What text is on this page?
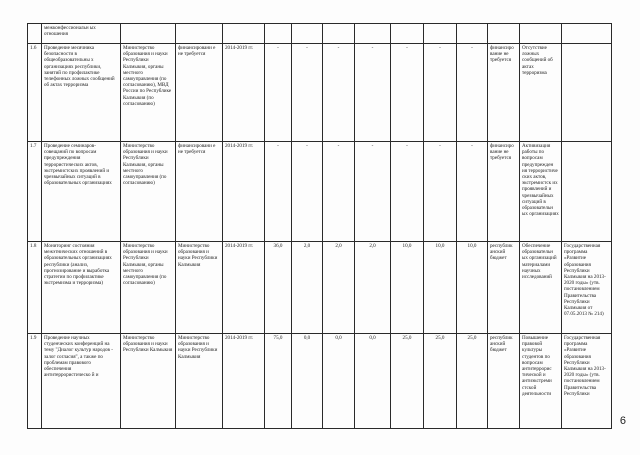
	межконфессиональн ых отношения													
1.6	Проведение месячника безопасности в общеобразовательны х организациях республики, занятий по профилактике телефонных ложных сообщений об актах терроризма	Министерство образования и науки Республики Калмыкия, органы местного самоуправления (по согласованию), МВД России по Республике Калмыкия (по согласованию)	финансировани е не требуется	2014-2019 гг.	-	-	-	-	-	-	-	финансиро вание не требуется	Отсутствие ложных сообщений об актах терроризма	
1.7	Проведение семинаров-совещаний по вопросам предупреждения террористических актов, экстремистских проявлений и чрезвычайных ситуаций в образовательных организациях	Министерство образования и науки Республики Калмыкия, органы местного самоуправления (по согласованию)	финансировани е не требуется	2014-2019 гг.	-	-	-	-	-	-	-	финансиро вание не требуется	Активизация работы по вопросам предупрежден ия террористиче ских актов, экстремистск их проявлений и чрезвычайных ситуаций в образовательн ых организациях	
1.8	Мониторинг состояния межэтнических отношений в образовательных организациях республики (анализ, прогнозирование и выработка стратегии по профилактике экстремизма и терроризма)	Министерство образования и науки Республики Калмыкия, органы местного самоуправления (по согласованию)	Министерство образования и науки Республики Калмыкия	2014-2019 гг.	36,0	2,0	2,0	2,0	10,0	10,0	10,0	республик анский бюджет	Обеспечение образовательн ых организаций материалами научных исследований	Государственная программа «Развитие образования Республики Калмыкия на 2013-2020 годы» (утв. постановлением Правительства Республики Калмыкия от 07.05.2013 № 214)
1.9	Проведение научных студенческих конференций на тему "Диалог культур народов - залог согласия", а также по проблемам правового обеспечения антитеррористическо й и	Министерство образования и науки Республики Калмыкия	Министерство образования и науки Республики Калмыкия	2014-2019 гг.	75,0	0,0	0,0	0,0	25,0	25,0	25,0	республик анский бюджет	Повышение правовой культуры студентов по вопросам антитеррорис тической и антиэкстреми стской деятельности	Государственная программа «Развитие образования Республики Калмыкия на 2013-2020 годы» (утв. постановлением Правительства Республики
6
